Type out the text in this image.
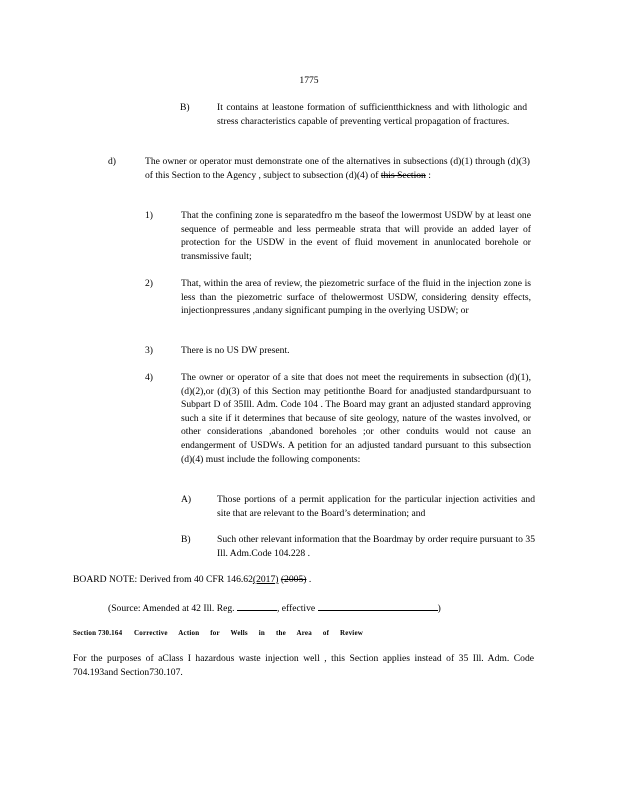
1775
B)	It contains at leastone formation of sufficientthickness and with lithologic and stress characteristics capable of preventing vertical propagation of fractures.
d)	The owner or operator must demonstrate one of the alternatives in subsections (d)(1) through (d)(3) of this Section to the Agency , subject to subsection (d)(4) of this Section :
1)	That the confining zone is separatedfro m the baseof the lowermost USDW by at least one sequence of permeable and less permeable strata that will provide an added layer of protection for the USDW in the event of fluid movement in anunlocated borehole or transmissive fault;
2)	That, within the area of review, the piezometric surface of the fluid in the injection zone is less than the piezometric surface of thelowermost USDW, considering density effects, injectionpressures ,andany significant pumping in the overlying USDW; or
3)	There is no US DW present.
4)	The owner or operator of a site that does not meet the requirements in subsection (d)(1), (d)(2),or (d)(3) of this Section may petitionthe Board for anadjusted standardpursuant to Subpart D of 35Ill. Adm. Code 104 . The Board may grant an adjusted standard approving such a site if it determines that because of site geology, nature of the wastes involved, or other considerations ,abandoned boreholes ;or other conduits would not cause an endangerment of USDWs. A petition for an adjusted tandard pursuant to this subsection (d)(4) must include the following components:
A)	Those portions of a permit application for the particular injection activities and site that are relevant to the Board’s determination; and
B)	Such other relevant information that the Boardmay by order require pursuant to 35 Ill. Adm.Code 104.228 .
BOARD NOTE: Derived from 40 CFR 146.62(2017) (2005) .
(Source: Amended at 42 Ill. Reg.	, effective	)
Section 730.164 Corrective Action for Wells in the Area of Review
For the purposes of aClass I hazardous waste injection well , this Section applies instead of 35 Ill. Adm. Code 704.193and Section730.107.
